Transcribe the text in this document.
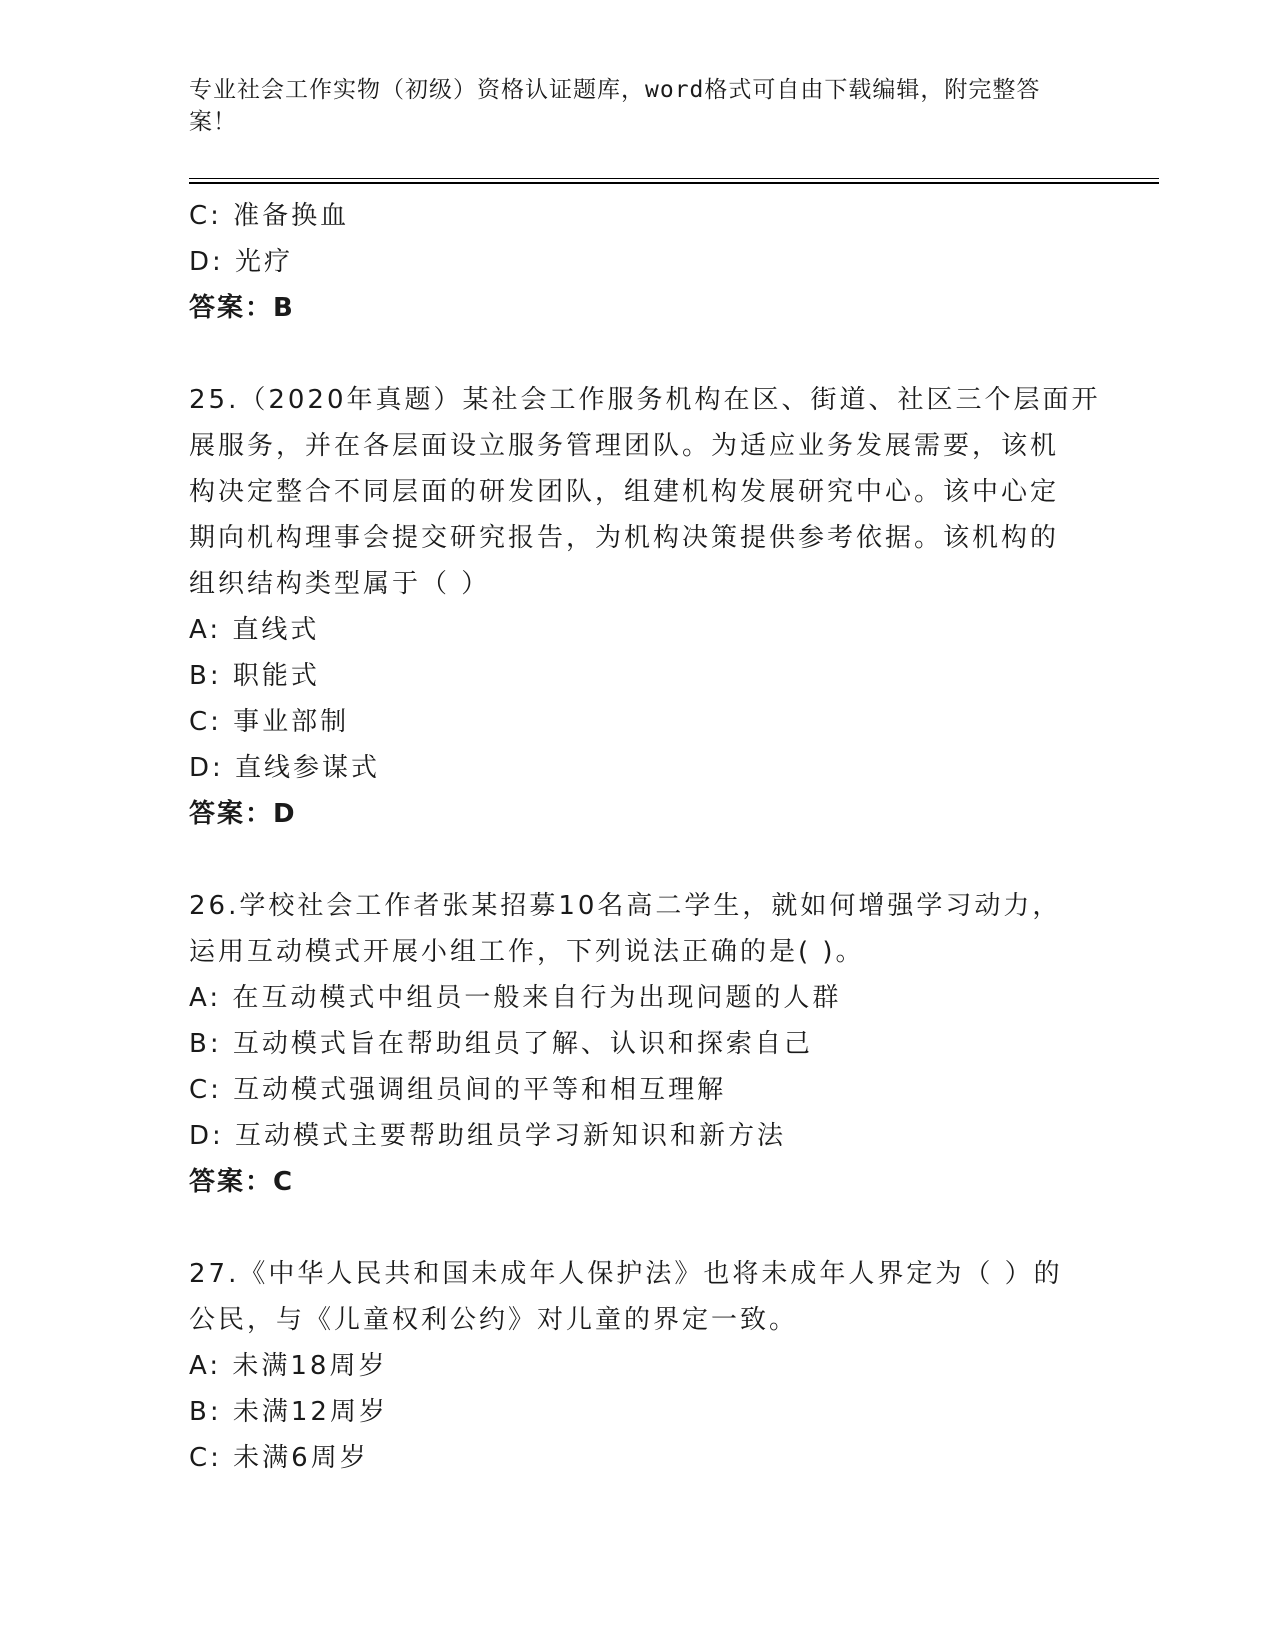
专业社会工作实物（初级）资格认证题库，word格式可自由下载编辑，附完整答
案！
C: 准备换血
D: 光疗
答案：B
25.（2020年真题）某社会工作服务机构在区、街道、社区三个层面开
展服务，并在各层面设立服务管理团队。为适应业务发展需要，该机
构决定整合不同层面的研发团队，组建机构发展研究中心。该中心定
期向机构理事会提交研究报告，为机构决策提供参考依据。该机构的
组织结构类型属于（ ）
A: 直线式
B: 职能式
C: 事业部制
D: 直线参谋式
答案：D
26.学校社会工作者张某招募10名高二学生，就如何增强学习动力，
运用互动模式开展小组工作，下列说法正确的是( )。
A: 在互动模式中组员一般来自行为出现问题的人群
B: 互动模式旨在帮助组员了解、认识和探索自己
C: 互动模式强调组员间的平等和相互理解
D: 互动模式主要帮助组员学习新知识和新方法
答案：C
27.《中华人民共和国未成年人保护法》也将未成年人界定为（ ）的
公民，与《儿童权利公约》对儿童的界定一致。
A: 未满18周岁
B: 未满12周岁
C: 未满6周岁
